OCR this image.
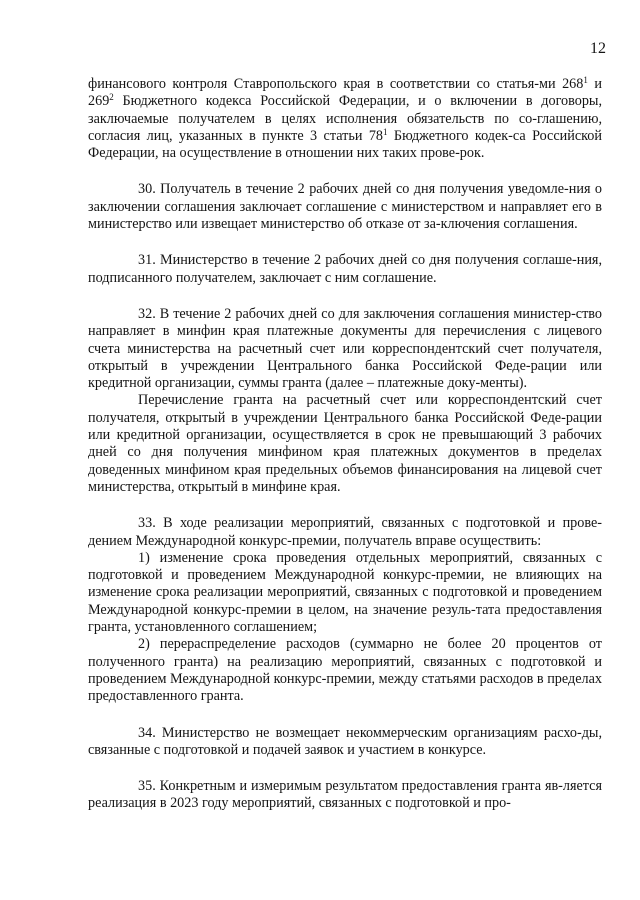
12

финансового контроля Ставропольского края в соответствии со статья-ми $268^1$ и $269^2$ Бюджетного кодекса Российской Федерации, и о включении в договоры, заключаемые получателем в целях исполнения обязательств по со-глашению, согласия лиц, указанных в пункте 3 статьи $78^1$ Бюджетного кодек-са Российской Федерации, на осуществление в отношении них таких прове-рок.

30. Получатель в течение 2 рабочих дней со дня получения уведомле-ния о заключении соглашения заключает соглашение с министерством и направляет его в министерство или извещает министерство об отказе от за-ключения соглашения.

31. Министерство в течение 2 рабочих дней со дня получения соглаше-ния, подписанного получателем, заключает с ним соглашение.

32. В течение 2 рабочих дней со для заключения соглашения министер-ство направляет в минфин края платежные документы для перечисления с лицевого счета министерства на расчетный счет или корреспондентский счет получателя, открытый в учреждении Центрального банка Российской Феде-рации или кредитной организации, суммы гранта (далее – платежные доку-менты).

Перечисление гранта на расчетный счет или корреспондентский счет получателя, открытый в учреждении Центрального банка Российской Феде-рации или кредитной организации, осуществляется в срок не превышающий 3 рабочих дней со дня получения минфином края платежных документов в пределах доведенных минфином края предельных объемов финансирования на лицевой счет министерства, открытый в минфине края.

33. В ходе реализации мероприятий, связанных с подготовкой и прове-дением Международной конкурс-премии, получатель вправе осуществить:

1) изменение срока проведения отдельных мероприятий, связанных с подготовкой и проведением Международной конкурс-премии, не влияющих на изменение срока реализации мероприятий, связанных с подготовкой и проведением Международной конкурс-премии в целом, на значение резуль-тата предоставления гранта, установленного соглашением;

2) перераспределение расходов (суммарно не более 20 процентов от полученного гранта) на реализацию мероприятий, связанных с подготовкой и проведением Международной конкурс-премии, между статьями расходов в пределах предоставленного гранта.

34. Министерство не возмещает некоммерческим организациям расхо-ды, связанные с подготовкой и подачей заявок и участием в конкурсе.

35. Конкретным и измеримым результатом предоставления гранта яв-ляется реализация в 2023 году мероприятий, связанных с подготовкой и про-
